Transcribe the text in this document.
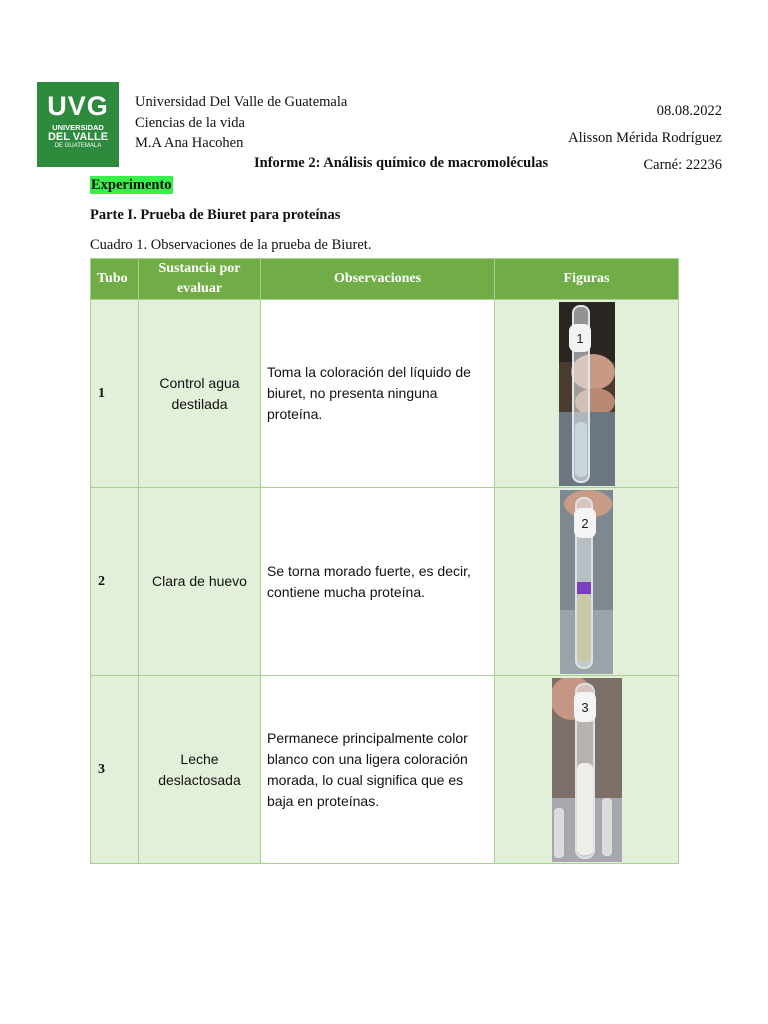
UVG
UNIVERSIDAD
DEL VALLE
DE GUATEMALA
Universidad Del Valle de Guatemala
Ciencias de la vida
M.A Ana Hacohen
08.08.2022
Alisson Mérida Rodríguez
Carné: 22236
Informe 2: Análisis químico de macromoléculas
Experimento
Parte I. Prueba de Biuret para proteínas
Cuadro 1. Observaciones de la prueba de Biuret.
Tubo	Sustancia por evaluar	Observaciones	Figuras
1	Control agua destilada	Toma la coloración del líquido de biuret, no presenta ninguna proteína.	1

2	Clara de huevo	Se torna morado fuerte, es decir, contiene mucha proteína.	2

3	Leche deslactosada	Permanece principalmente color blanco con una ligera coloración morada, lo cual significa que es baja en proteínas.	3
